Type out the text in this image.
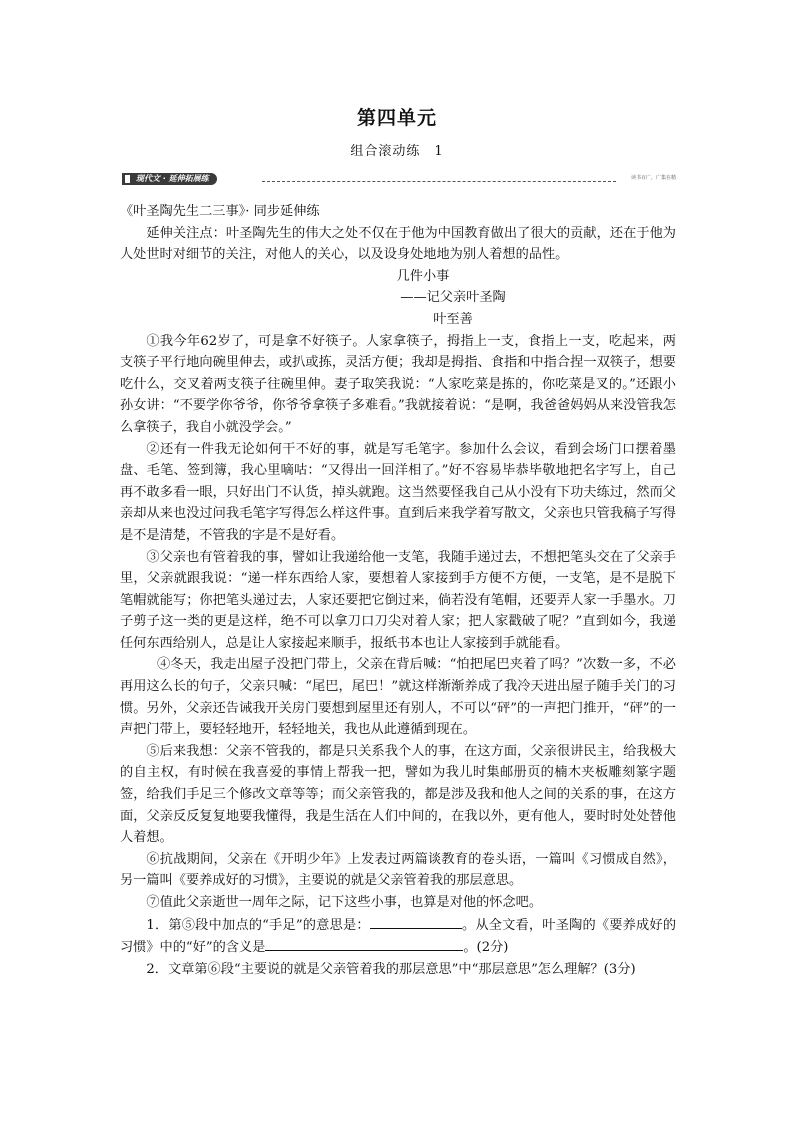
第四单元
组合滚动练　1
现代文 · 延伸拓展练	读书百广，广集在精

《叶圣陶先生二三事》· 同步延伸练

延伸关注点：叶圣陶先生的伟大之处不仅在于他为中国教育做出了很大的贡献，还在于他为人处世时对细节的关注，对他人的关心，以及设身处地地为别人着想的品性。

几件小事

——记父亲叶圣陶

叶至善

①我今年62岁了，可是拿不好筷子。人家拿筷子，拇指上一支，食指上一支，吃起来，两支筷子平行地向碗里伸去，或扒或拣，灵活方便；我却是拇指、食指和中指合捏一双筷子，想要吃什么，交叉着两支筷子往碗里伸。妻子取笑我说：“人家吃菜是拣的，你吃菜是叉的。”还跟小孙女讲：“不要学你爷爷，你爷爷拿筷子多难看。”我就接着说：“是啊，我爸爸妈妈从来没管我怎么拿筷子，我自小就没学会。”

②还有一件我无论如何干不好的事，就是写毛笔字。参加什么会议，看到会场门口摆着墨盘、毛笔、签到簿，我心里嘀咕：“又得出一回洋相了。”好不容易毕恭毕敬地把名字写上，自己再不敢多看一眼，只好出门不认货，掉头就跑。这当然要怪我自己从小没有下功夫练过，然而父亲却从来也没过问我毛笔字写得怎么样这件事。直到后来我学着写散文，父亲也只管我稿子写得是不是清楚，不管我的字是不是好看。

③父亲也有管着我的事，譬如让我递给他一支笔，我随手递过去，不想把笔头交在了父亲手里，父亲就跟我说：“递一样东西给人家，要想着人家接到手方便不方便，一支笔，是不是脱下笔帽就能写；你把笔头递过去，人家还要把它倒过来，倘若没有笔帽，还要弄人家一手墨水。刀子剪子这一类的更是这样，绝不可以拿刀口刀尖对着人家；把人家戳破了呢？”直到如今，我递任何东西给别人，总是让人家接起来顺手，报纸书本也让人家接到手就能看。

④冬天，我走出屋子没把门带上，父亲在背后喊：“怕把尾巴夹着了吗？”次数一多，不必再用这么长的句子，父亲只喊：“尾巴，尾巴！”就这样渐渐养成了我冷天进出屋子随手关门的习惯。另外，父亲还告诫我开关房门要想到屋里还有别人，不可以“砰”的一声把门推开，“砰”的一声把门带上，要轻轻地开，轻轻地关，我也从此遵循到现在。

⑤后来我想：父亲不管我的，都是只关系我个人的事，在这方面，父亲很讲民主，给我极大的自主权，有时候在我喜爱的事情上帮我一把，譬如为我儿时集邮册页的楠木夹板雕刻篆字题签，给我们手足三个修改文章等等；而父亲管我的，都是涉及我和他人之间的关系的事，在这方面，父亲反反复复地要我懂得，我是生活在人们中间的，在我以外，更有他人，要时时处处替他人着想。

⑥抗战期间，父亲在《开明少年》上发表过两篇谈教育的卷头语，一篇叫《习惯成自然》，另一篇叫《要养成好的习惯》，主要说的就是父亲管着我的那层意思。

⑦值此父亲逝世一周年之际，记下这些小事，也算是对他的怀念吧。

1．第⑤段中加点的“手足”的意思是：	。从全文看，叶圣陶的《要养成好的习惯》中的“好”的含义是	。(2分)

2．文章第⑥段“主要说的就是父亲管着我的那层意思”中“那层意思”怎么理解？(3分)
